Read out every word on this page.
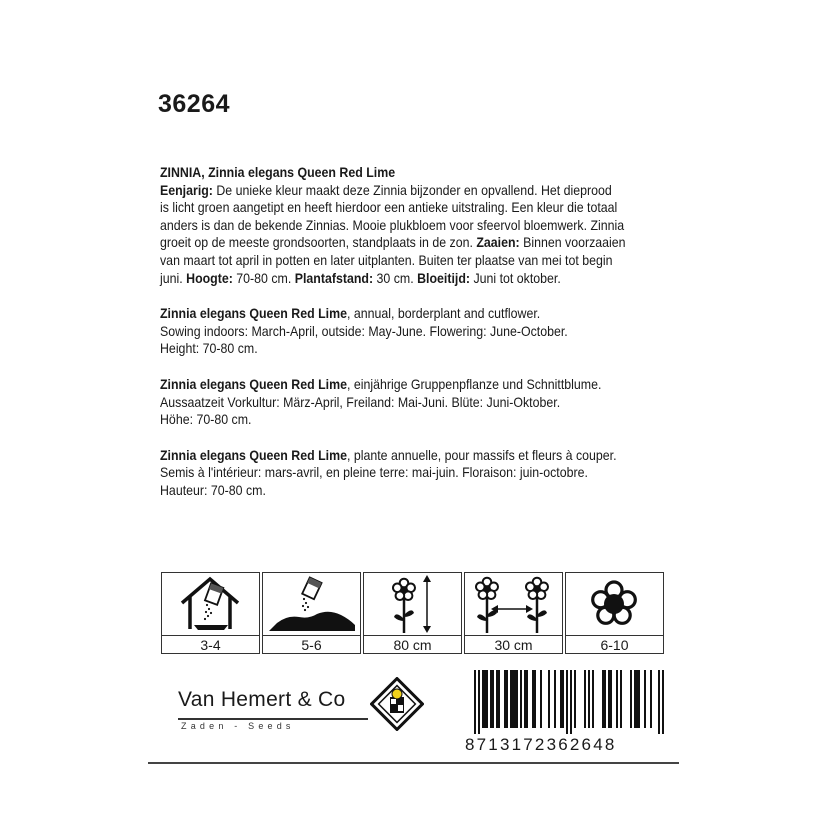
36264
ZINNIA, Zinnia elegans Queen Red Lime
Eenjarig: De unieke kleur maakt deze Zinnia bijzonder en opvallend. Het dieprood
is licht groen aangetipt en heeft hierdoor een antieke uitstraling. Een kleur die totaal
anders is dan de bekende Zinnias. Mooie plukbloem voor sfeervol bloemwerk. Zinnia
groeit op de meeste grondsoorten, standplaats in de zon. Zaaien: Binnen voorzaaien
van maart tot april in potten en later uitplanten. Buiten ter plaatse van mei tot begin
juni. Hoogte: 70-80 cm. Plantafstand: 30 cm. Bloeitijd: Juni tot oktober.
Zinnia elegans Queen Red Lime, annual, borderplant and cutflower.
Sowing indoors: March-April, outside: May-June. Flowering: June-October.
Height: 70-80 cm.
Zinnia elegans Queen Red Lime, einjährige Gruppenpflanze und Schnittblume.
Aussaatzeit Vorkultur: März-April, Freiland: Mai-Juni. Blüte: Juni-Oktober.
Höhe: 70-80 cm.
Zinnia elegans Queen Red Lime, plante annuelle, pour massifs et fleurs à couper.
Semis à l'intérieur: mars-avril, en pleine terre: mai-juin. Floraison: juin-octobre.
Hauteur: 70-80 cm.
3-4	5-6	80 cm	30 cm	6-10
Van Hemert & Co
Zaden - Seeds
8713172362648
